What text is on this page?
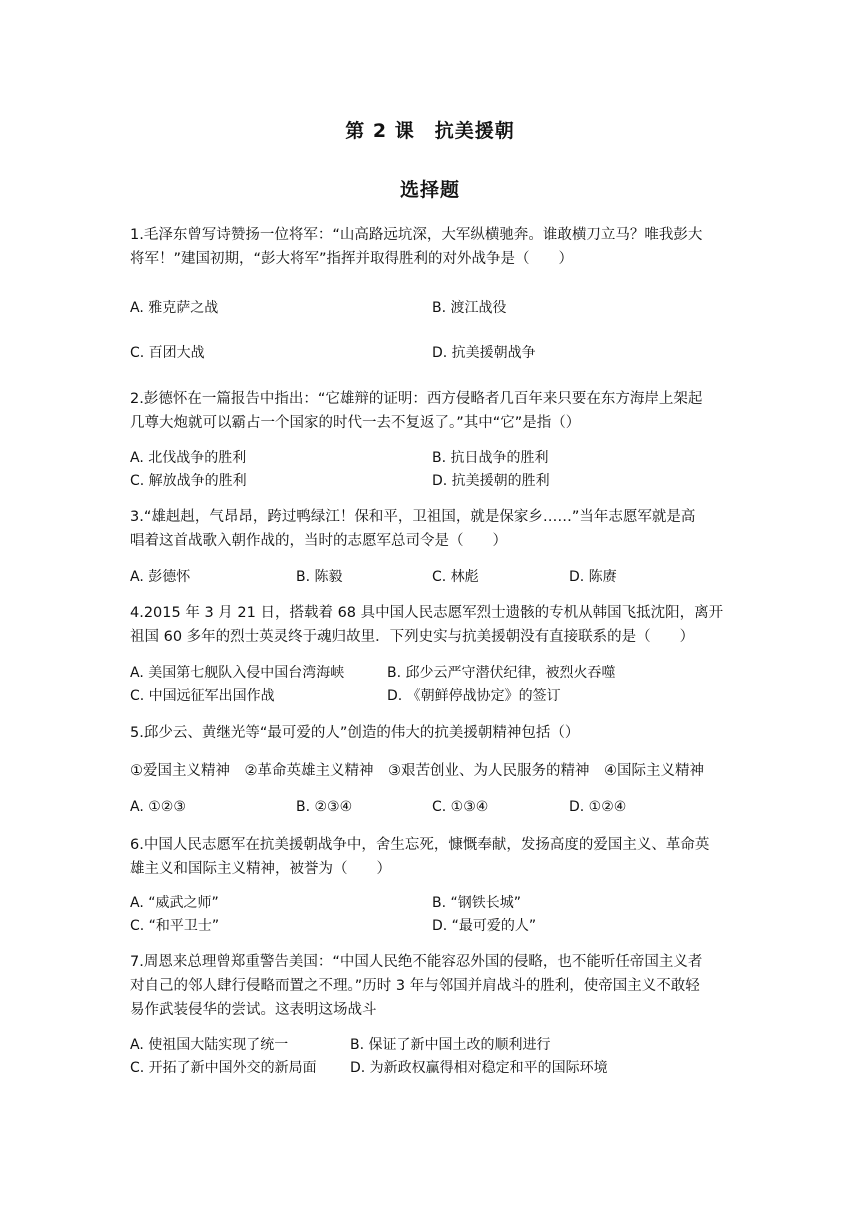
第 2 课　抗美援朝
选择题
1.毛泽东曾写诗赞扬一位将军：“山高路远坑深，大军纵横驰奔。谁敢横刀立马？唯我彭大
将军！”建国初期，“彭大将军”指挥并取得胜利的对外战争是（　　）
A. 雅克萨之战	B. 渡江战役
C. 百团大战	D. 抗美援朝战争
2.彭德怀在一篇报告中指出：“它雄辩的证明：西方侵略者几百年来只要在东方海岸上架起
几尊大炮就可以霸占一个国家的时代一去不复返了。”其中“它”是指（）
A. 北伐战争的胜利	B. 抗日战争的胜利
C. 解放战争的胜利	D. 抗美援朝的胜利
3.“雄赳赳，气昂昂，跨过鸭绿江！保和平，卫祖国，就是保家乡……”当年志愿军就是高
唱着这首战歌入朝作战的，当时的志愿军总司令是（　　）
A. 彭德怀	B. 陈毅	C. 林彪	D. 陈赓
4.2015 年 3 月 21 日，搭载着 68 具中国人民志愿军烈士遗骸的专机从韩国飞抵沈阳，离开
祖国 60 多年的烈士英灵终于魂归故里．下列史实与抗美援朝没有直接联系的是（　　）
A. 美国第七舰队入侵中国台湾海峡	B. 邱少云严守潜伏纪律，被烈火吞噬
C. 中国远征军出国作战	D. 《朝鲜停战协定》的签订
5.邱少云、黄继光等“最可爱的人”创造的伟大的抗美援朝精神包括（）
①爱国主义精神　②革命英雄主义精神　③艰苦创业、为人民服务的精神　④国际主义精神
A. ①②③	B. ②③④	C. ①③④	D. ①②④
6.中国人民志愿军在抗美援朝战争中，舍生忘死，慷慨奉献，发扬高度的爱国主义、革命英
雄主义和国际主义精神，被誉为（　　）
A. “威武之师”	B. “钢铁长城”
C. “和平卫士”	D. “最可爱的人”
7.周恩来总理曾郑重警告美国：“中国人民绝不能容忍外国的侵略，也不能听任帝国主义者
对自己的邻人肆行侵略而置之不理。”历时 3 年与邻国并肩战斗的胜利，使帝国主义不敢轻
易作武装侵华的尝试。这表明这场战斗
A. 使祖国大陆实现了统一	B. 保证了新中国土改的顺利进行
C. 开拓了新中国外交的新局面 D. 为新政权赢得相对稳定和平的国际环境
